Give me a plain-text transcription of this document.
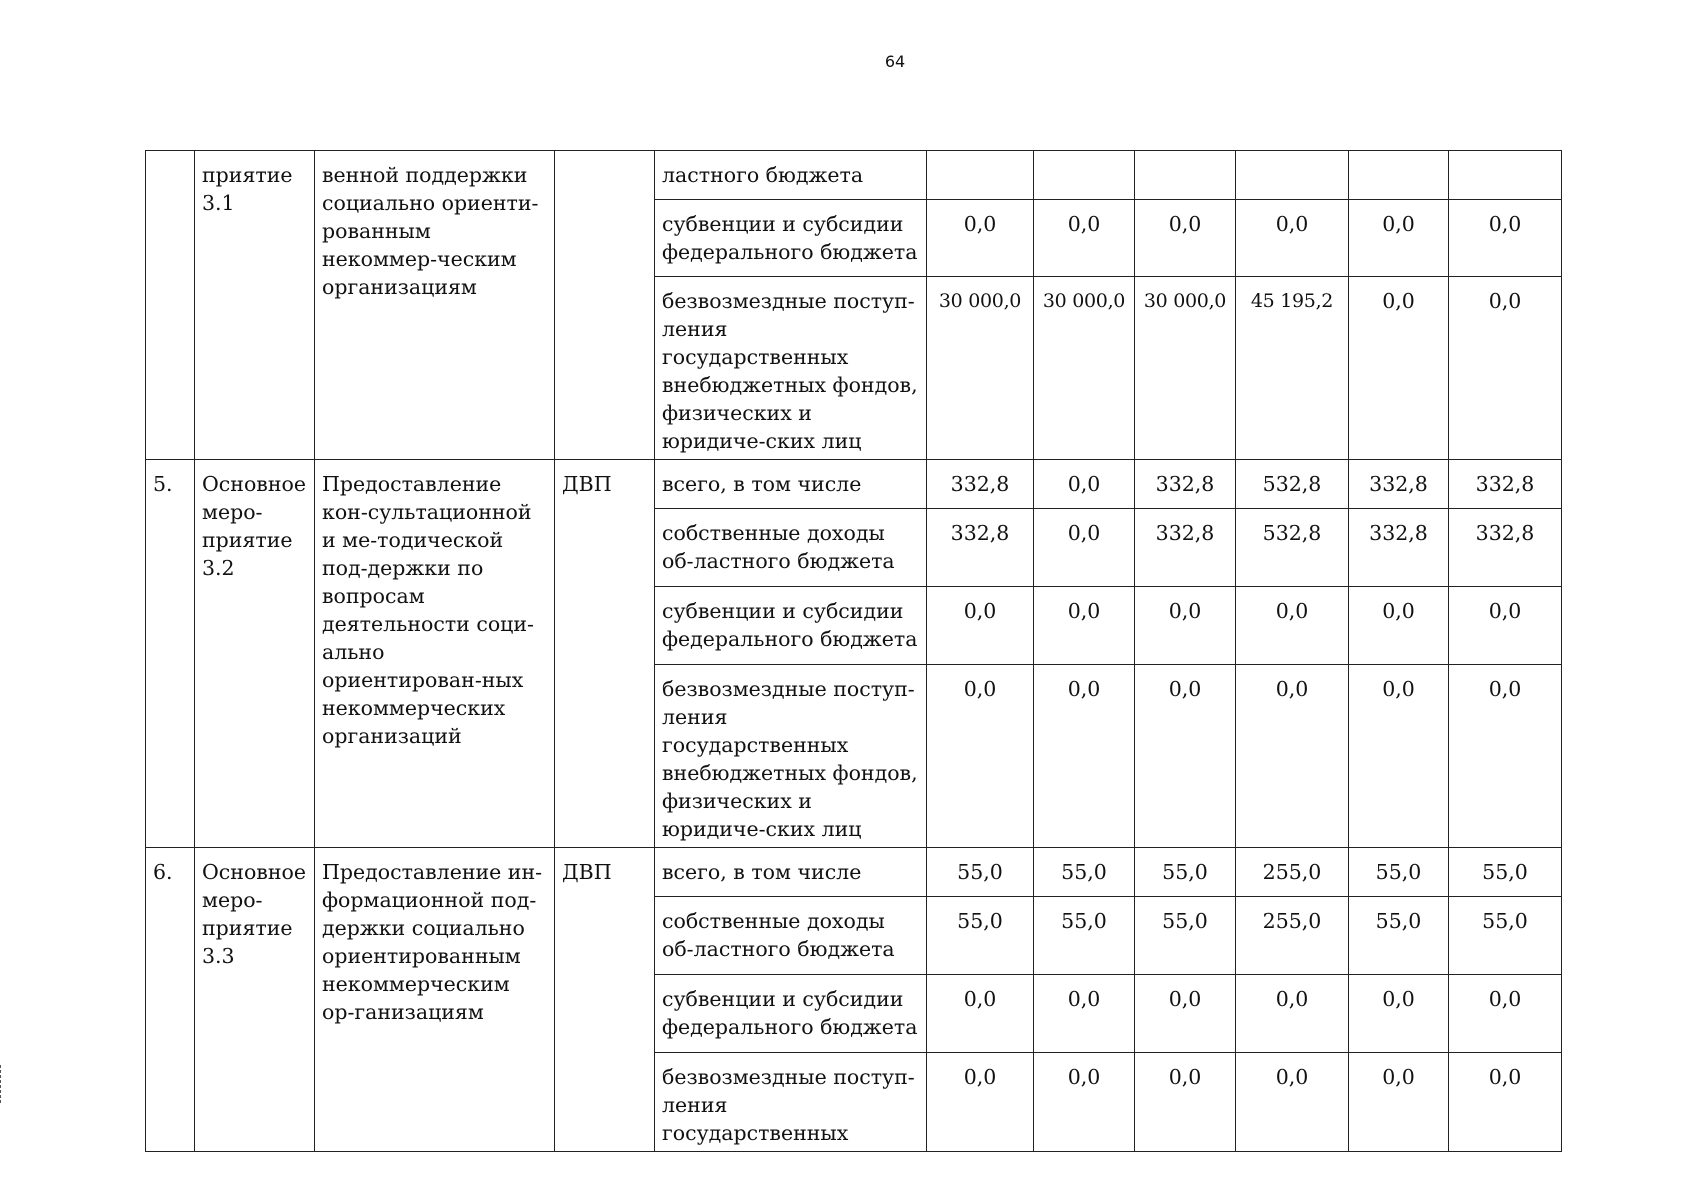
64
	приятие 3.1	венной поддержки социально ориенти-рованным некоммер-ческим организациям		ластного бюджета							
				субвенции и субсидии федерального бюджета	0,0	0,0	0,0	0,0	0,0	0,0	
				безвозмездные поступ-ления государственных внебюджетных фондов, физических и юридиче-ских лиц	30 000,0	30 000,0	30 000,0	45 195,2	0,0	0,0	
5.	Основное меро-приятие 3.2	Предоставление кон-сультационной и ме-тодической под-держки по вопросам деятельности соци-ально ориентирован-ных некоммерческих организаций	ДВП	всего, в том числе	332,8	0,0	332,8	532,8	332,8	332,8	
				собственные доходы об-ластного бюджета	332,8	0,0	332,8	532,8	332,8	332,8	
				субвенции и субсидии федерального бюджета	0,0	0,0	0,0	0,0	0,0	0,0	
				безвозмездные поступ-ления государственных внебюджетных фондов, физических и юридиче-ских лиц	0,0	0,0	0,0	0,0	0,0	0,0	
6.	Основное меро-приятие 3.3	Предоставление ин-формационной под-держки социально ориентированным некоммерческим ор-ганизациям	ДВП	всего, в том числе	55,0	55,0	55,0	255,0	55,0	55,0	
				собственные доходы об-ластного бюджета	55,0	55,0	55,0	255,0	55,0	55,0	
				субвенции и субсидии федерального бюджета	0,0	0,0	0,0	0,0	0,0	0,0	
				безвозмездные поступ-ления государственных	0,0	0,0	0,0	0,0	0,0	0,0	
